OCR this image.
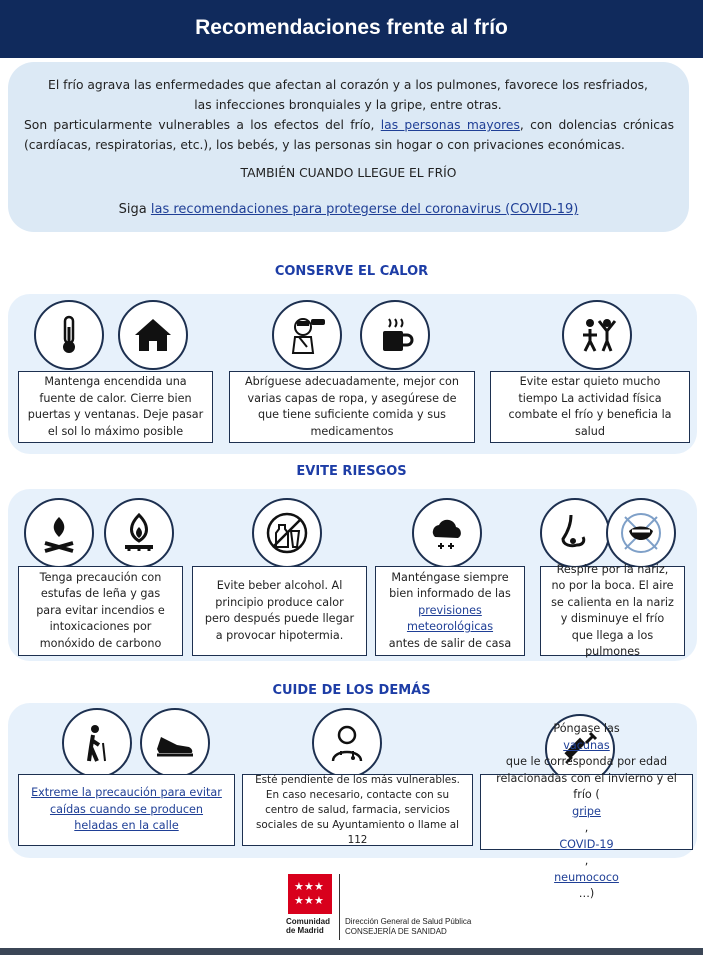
Recomendaciones frente al frío

El frío agrava las enfermedades que afectan al corazón y a los pulmones, favorece los resfriados, las infecciones bronquiales y la gripe, entre otras.

Son particularmente vulnerables a los efectos del frío, las personas mayores, con dolencias crónicas (cardíacas, respiratorias, etc.), los bebés, y las personas sin hogar o con privaciones económicas.

TAMBIÉN CUANDO LLEGUE EL FRÍO

Siga las recomendaciones para protegerse del coronavirus (COVID-19)

CONSERVE EL CALOR
Mantenga encendida una fuente de calor. Cierre bien puertas y ventanas. Deje pasar el sol lo máximo posible
Abríguese adecuadamente, mejor con varias capas de ropa, y asegúrese de que tiene suficiente comida y sus medicamentos
Evite estar quieto mucho tiempo La actividad física combate el frío y beneficia la salud
EVITE RIESGOS
Tenga precaución con estufas de leña y gas para evitar incendios e intoxicaciones por monóxido de carbono
Evite beber alcohol. Al principio produce calor pero después puede llegar a provocar hipotermia.
Manténgase siempre bien informado de las
previsiones meteorológicas
antes de salir de casa
Respire por la nariz, no por la boca. El aire se calienta en la nariz y disminuye el frío que llega a los pulmones
CUIDE DE LOS DEMÁS
Extreme la precaución para evitar caídas cuando se producen heladas en la calle
Esté pendiente de los más vulnerables. En caso necesario, contacte con su centro de salud, farmacia, servicios sociales de su Ayuntamiento o llame al 112
Póngase las
vacunas
que le corresponda por edad relacionadas con el invierno y el frío (
gripe
,
COVID-19
,
neumococo
…)
★ ★ ★
★ ★ ★
Comunidad
de Madrid
Dirección General de Salud Pública
CONSEJERÍA DE SANIDAD
